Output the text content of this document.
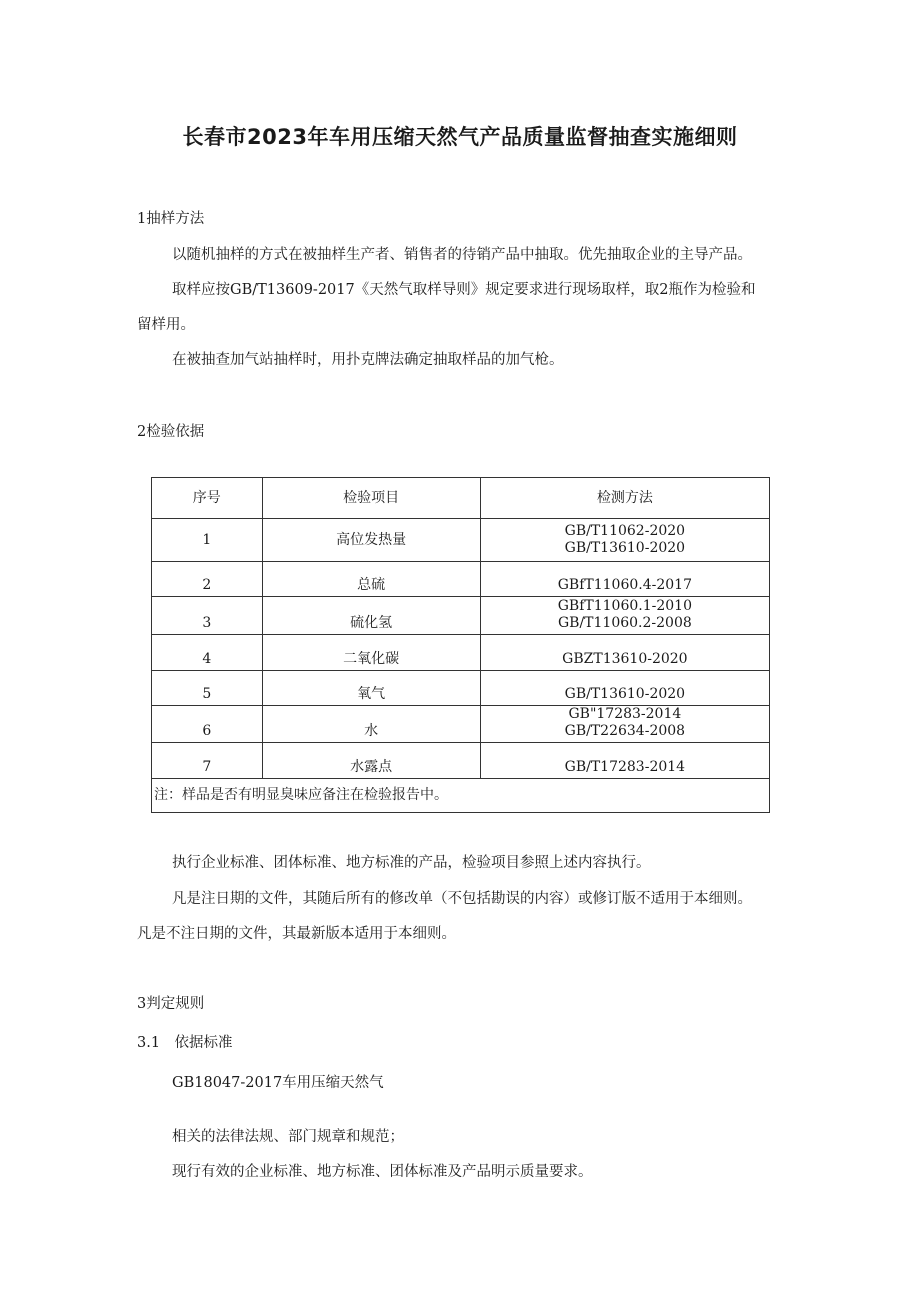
长春市2023年车用压缩天然气产品质量监督抽查实施细则
1抽样方法
以随机抽样的方式在被抽样生产者、销售者的待销产品中抽取。优先抽取企业的主导产品。
取样应按GB/T13609-2017《天然气取样导则》规定要求进行现场取样，取2瓶作为检验和
留样用。
在被抽查加气站抽样时，用扑克牌法确定抽取样品的加气枪。
2检验依据
序号	检验项目	检测方法
1	高位发热量	GB/T11062-2020
GB/T13610-2020

2	总硫	GBfT11060.4-2017
3	硫化氢	GBfT11060.1-2010
GB/T11060.2-2008

4	二氧化碳	GBZT13610-2020
5	氧气	GB/T13610-2020
6	水	GB"17283-2014
GB/T22634-2008

7	水露点	GB/T17283-2014
注：样品是否有明显臭味应备注在检验报告中。		
执行企业标准、团体标准、地方标准的产品，检验项目参照上述内容执行。
凡是注日期的文件，其随后所有的修改单（不包括勘误的内容）或修订版不适用于本细则。
凡是不注日期的文件，其最新版本适用于本细则。
3判定规则
3.1　依据标准
GB18047-2017车用压缩天然气
相关的法律法规、部门规章和规范；
现行有效的企业标准、地方标准、团体标准及产品明示质量要求。
